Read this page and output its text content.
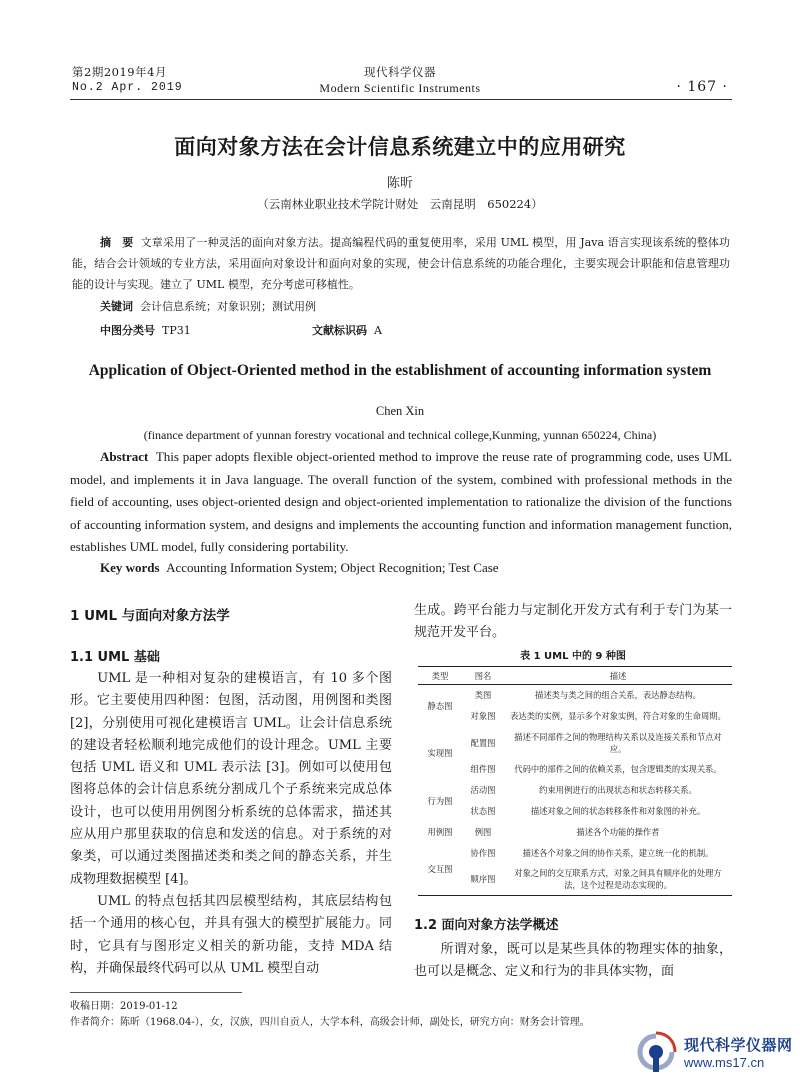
第2期2019年4月
No.2 Apr. 2019
现代科学仪器
Modern Scientific Instruments	· 167 ·
面向对象方法在会计信息系统建立中的应用研究
陈昕
（云南林业职业技术学院计财处　云南昆明　650224）
摘　要 文章采用了一种灵活的面向对象方法。提高编程代码的重复使用率，采用 UML 模型，用 Java 语言实现该系统的整体功能，结合会计领域的专业方法，采用面向对象设计和面向对象的实现，使会计信息系统的功能合理化，主要实现会计职能和信息管理功能的设计与实现。建立了 UML 模型，充分考虑可移植性。
关键词 会计信息系统；对象识别；测试用例
中图分类号 TP31	文献标识码 A
Application of Object-Oriented method in the establishment of accounting information system
Chen Xin
(finance department of yunnan forestry vocational and technical college,Kunming, yunnan 650224, China)
Abstract This paper adopts flexible object-oriented method to improve the reuse rate of programming code, uses UML model, and implements it in Java language. The overall function of the system, combined with professional methods in the field of accounting, uses object-oriented design and object-oriented implementation to rationalize the division of the functions of accounting information system, and designs and implements the accounting function and information management function, establishes UML model, fully considering portability.
Key words Accounting Information System; Object Recognition; Test Case
1 UML 与面向对象方法学
1.1 UML 基础
　　UML 是一种相对复杂的建模语言，有 10 多个图形。它主要使用四种图：包图，活动图，用例图和类图 [2]，分别使用可视化建模语言 UML。让会计信息系统的建设者轻松顺利地完成他们的设计理念。UML 主要包括 UML 语义和 UML 表示法 [3]。例如可以使用包图将总体的会计信息系统分割成几个子系统来完成总体设计，也可以使用用例图分析系统的总体需求，描述其应从用户那里获取的信息和发送的信息。对于系统的对象类，可以通过类图描述类和类之间的静态关系，并生成物理数据模型 [4]。
　　UML 的特点包括其四层模型结构，其底层结构包括一个通用的核心包，并具有强大的模型扩展能力。同时，它具有与图形定义相关的新功能，支持 MDA 结构，并确保最终代码可以从 UML 模型自动
生成。跨平台能力与定制化开发方式有利于专门为某一规范开发平台。
表 1 UML 中的 9 种图
类型	图名	描述
静态图	类图	描述类与类之间的组合关系，表达静态结构。
	对象图	表达类的实例，显示多个对象实例，符合对象的生命周期。
实现图	配置图	描述不同部件之间的物理结构关系以及连接关系和节点对应。
	组件图	代码中的部件之间的依赖关系，包含逻辑类的实现关系。
行为图	活动图	约束用例进行的出现状态和状态转移关系。
	状态图	描述对象之间的状态转移条件和对象图的补充。
用例图	例图	描述各个功能的操作者
交互图	协作图	描述各个对象之间的协作关系，建立统一化的机制。
	顺序图	对象之间的交互联系方式，对象之间具有顺序化的处理方法，这个过程是动态实现的。
1.2 面向对象方法学概述
　　所谓对象，既可以是某些具体的物理实体的抽象，也可以是概念、定义和行为的非具体实物，面
收稿日期：2019-01-12
作者简介：陈昕（1968.04-），女，汉族，四川自贡人，大学本科，高级会计师，副处长，研究方向：财务会计管理。
现代科学仪器网
www.ms17.cn
